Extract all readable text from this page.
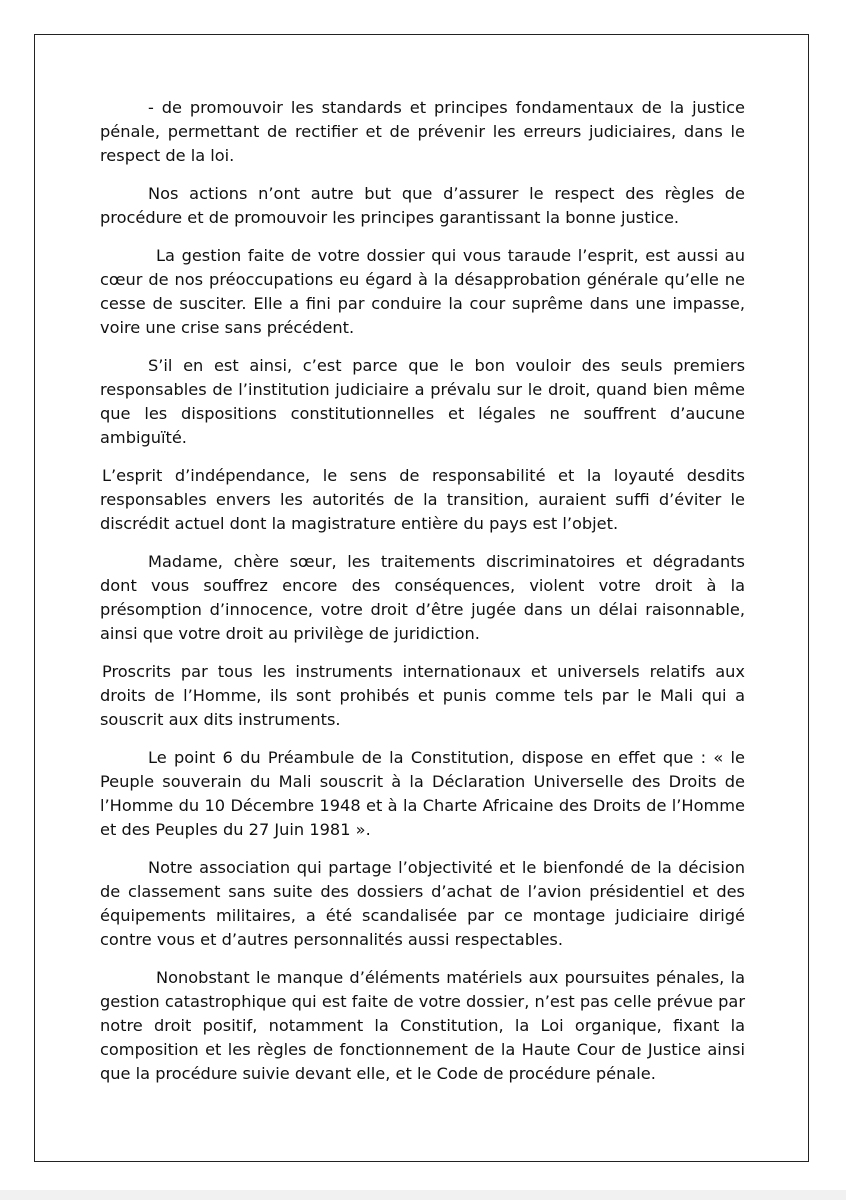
- de promouvoir les standards et principes fondamentaux de la justice pénale, permettant de rectifier et de prévenir les erreurs judiciaires, dans le respect de la loi.

Nos actions n’ont autre but que d’assurer le respect des règles de procédure et de promouvoir les principes garantissant la bonne justice.

La gestion faite de votre dossier qui vous taraude l’esprit, est aussi au cœur de nos préoccupations eu égard à la désapprobation générale qu’elle ne cesse de susciter. Elle a fini par conduire la cour suprême dans une impasse, voire une crise sans précédent.

S’il en est ainsi, c’est parce que le bon vouloir des seuls premiers responsables de l’institution judiciaire a prévalu sur le droit, quand bien même que les dispositions constitutionnelles et légales ne souffrent d’aucune ambiguïté.

L’esprit d’indépendance, le sens de responsabilité et la loyauté desdits responsables envers les autorités de la transition, auraient suffi d’éviter le discrédit actuel dont la magistrature entière du pays est l’objet.

Madame, chère sœur, les traitements discriminatoires et dégradants dont vous souffrez encore des conséquences, violent votre droit à la présomption d’innocence, votre droit d’être jugée dans un délai raisonnable, ainsi que votre droit au privilège de juridiction.

Proscrits par tous les instruments internationaux et universels relatifs aux droits de l’Homme, ils sont prohibés et punis comme tels par le Mali qui a souscrit aux dits instruments.

Le point 6 du Préambule de la Constitution, dispose en effet que : « le Peuple souverain du Mali souscrit à la Déclaration Universelle des Droits de l’Homme du 10 Décembre 1948 et à la Charte Africaine des Droits de l’Homme et des Peuples du 27 Juin 1981 ».

Notre association qui partage l’objectivité et le bienfondé de la décision de classement sans suite des dossiers d’achat de l’avion présidentiel et des équipements militaires, a été scandalisée par ce montage judiciaire dirigé contre vous et d’autres personnalités aussi respectables.

Nonobstant le manque d’éléments matériels aux poursuites pénales, la gestion catastrophique qui est faite de votre dossier, n’est pas celle prévue par notre droit positif, notamment la Constitution, la Loi organique, fixant la composition et les règles de fonctionnement de la Haute Cour de Justice ainsi que la procédure suivie devant elle, et le Code de procédure pénale.
